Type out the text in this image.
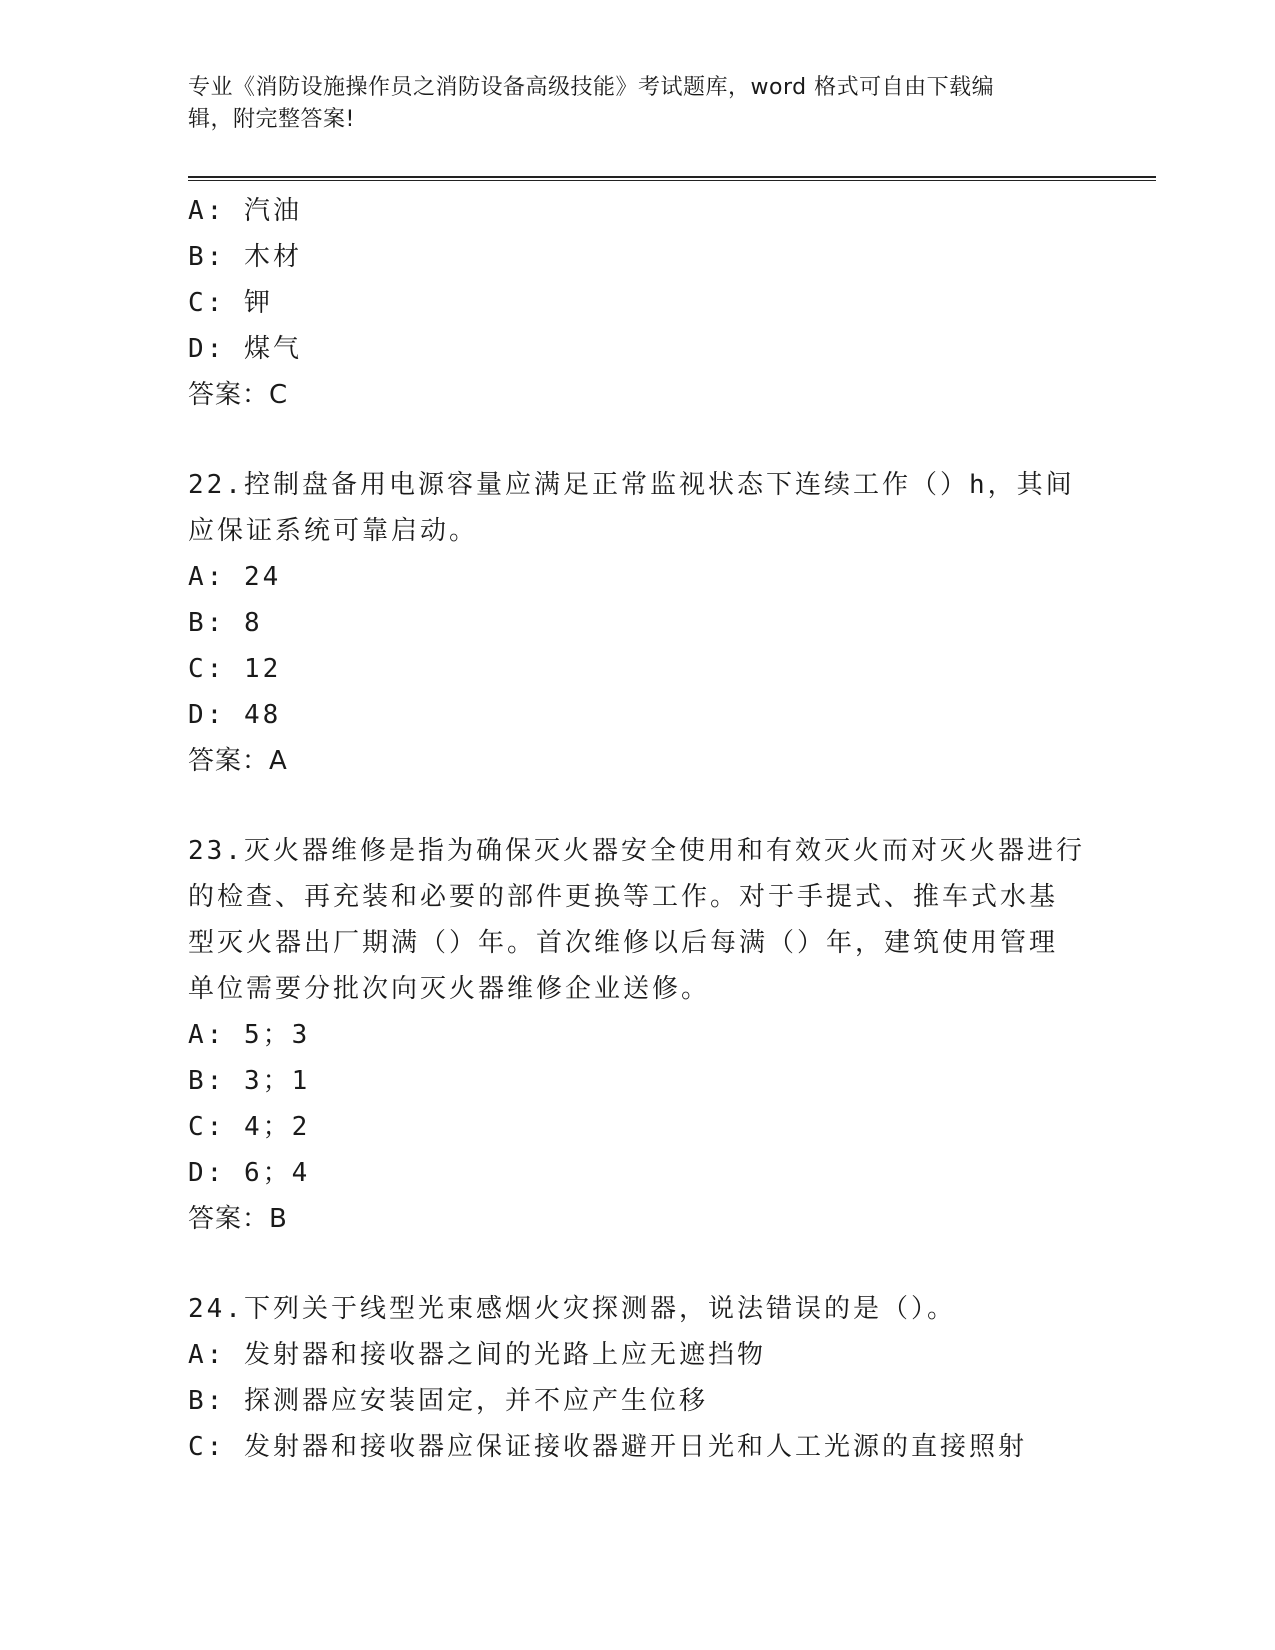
专业《消防设施操作员之消防设备高级技能》考试题库，word 格式可自由下载编
辑，附完整答案!
A: 汽油
B: 木材
C: 钾
D: 煤气
答案：C
22.控制盘备用电源容量应满足正常监视状态下连续工作（）h，其间
应保证系统可靠启动。
A: 24
B: 8
C: 12
D: 48
答案：A
23.灭火器维修是指为确保灭火器安全使用和有效灭火而对灭火器进行
的检查、再充装和必要的部件更换等工作。对于手提式、推车式水基
型灭火器出厂期满（）年。首次维修以后每满（）年，建筑使用管理
单位需要分批次向灭火器维修企业送修。
A: 5；3
B: 3；1
C: 4；2
D: 6；4
答案：B
24.下列关于线型光束感烟火灾探测器，说法错误的是（）。
A: 发射器和接收器之间的光路上应无遮挡物
B: 探测器应安装固定，并不应产生位移
C: 发射器和接收器应保证接收器避开日光和人工光源的直接照射
